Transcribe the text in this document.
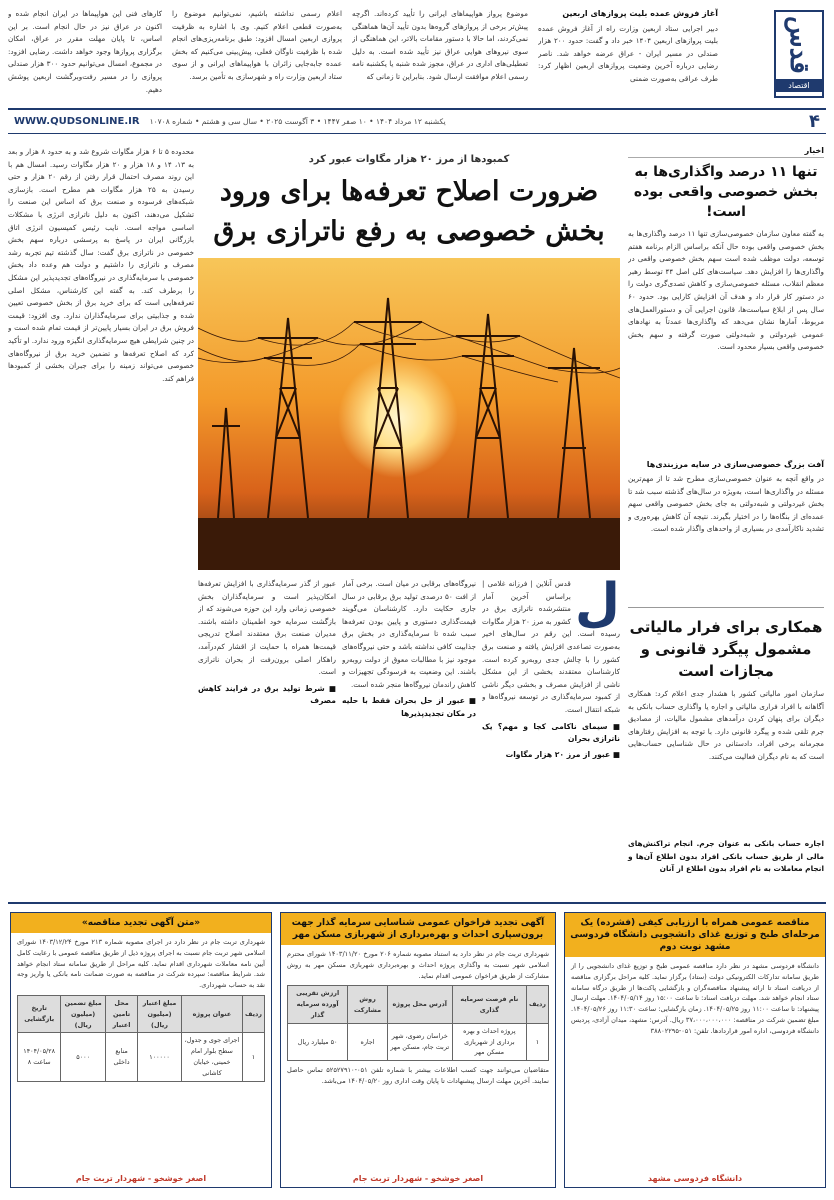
قدس
اقتصاد
آغاز فروش عمده بلیت پروازهای اربعین
دبیر اجرایی ستاد اربعین وزارت راه از آغاز فروش عمده بلیت پروازهای اربعین ۱۴۰۴ خبر داد و گفت: حدود ۲۰۰ هزار صندلی در مسیر ایران - عراق عرضه خواهد شد. ناصر رضایی درباره آخرین وضعیت پروازهای اربعین اظهار کرد: طرف عراقی به‌صورت ضمنی
موضوع پرواز هواپیماهای ایرانی را تأیید کرده‌اند. اگرچه پیش‌تر برخی از پروازهای گروه‌ها بدون تأیید آن‌ها هماهنگی نمی‌کردند، اما حالا با دستور مقامات بالاتر، این هماهنگی از سوی نیروهای هوایی عراق نیز تأیید شده است. به دلیل تعطیلی‌های اداری در عراق، مجوز شده شنبه یا یکشنبه نامه رسمی اعلام موافقت ارسال شود. بنابراین تا زمانی که
اعلام رسمی نداشته باشیم، نمی‌توانیم موضوع را به‌صورت قطعی اعلام کنیم. وی با اشاره به ظرفیت پروازی اربعین امسال افزود: طبق برنامه‌ریزی‌های انجام شده با ظرفیت ناوگان فعلی، پیش‌بینی می‌کنیم که بخش عمده جابه‌جایی زائران با هواپیماهای ایرانی و از سوی ستاد اربعین وزارت راه و شهرسازی به تأمین برسد.
کارهای فنی این هواپیماها در ایران انجام شده و اکنون در عراق نیز در حال انجام است. بر این اساس، تا پایان مهلت مقرر در عراق، امکان برگزاری پروازها وجود خواهد داشت. رضایی افزود: در مجموع، امسال می‌توانیم حدود ۳۰۰ هزار صندلی پروازی را در مسیر رفت‌وبرگشت اربعین پوشش دهیم.
۴
یکشنبه ۱۲ مرداد ۱۴۰۴ • ۱۰ صفر ۱۴۴۷ • ۳ آگوست ۲۰۲۵ • سال سی و هشتم • شماره ۱۰۷۰۸
WWW.QUDSONLINE.IR
اخبار
تنها ۱۱ درصد واگذاری‌ها به بخش خصوصی واقعی بوده است!
به گفته معاون سازمان خصوصی‌سازی تنها ۱۱ درصد واگذاری‌ها به بخش خصوصی واقعی بوده حال آنکه براساس الزام برنامه هفتم توسعه، دولت موظف شده است سهم بخش خصوصی واقعی در واگذاری‌ها را افزایش دهد. سیاست‌های کلی اصل ۴۴ توسط رهبر معظم انقلاب، مسئله خصوصی‌سازی و کاهش تصدی‌گری دولت را در دستور کار قرار داد و هدف آن افزایش کارایی بود. حدود ۶۰ سال پس از ابلاغ سیاست‌ها، قانون اجرایی آن و دستورالعمل‌های مربوط، آمارها نشان می‌دهد که واگذاری‌ها عمدتاً به نهادهای عمومی غیردولتی و شبه‌دولتی صورت گرفته و سهم بخش خصوصی واقعی بسیار محدود است.
آفت بزرگ خصوصی‌سازی در سایه مرزبندی‌ها
در واقع آنچه به عنوان خصوصی‌سازی مطرح شد تا از مهم‌ترین مسئله در واگذاری‌ها است، به‌ویژه در سال‌های گذشته سبب شد تا بخش غیردولتی و شبه‌دولتی به جای بخش خصوصی واقعی سهم عمده‌ای از بنگاه‌ها را در اختیار بگیرند. نتیجه آن کاهش بهره‌وری و تشدید ناکارآمدی در بسیاری از واحدهای واگذار شده است.
همکاری برای فرار مالیاتی مشمول پیگرد قانونی و مجازات است
سازمان امور مالیاتی کشور با هشدار جدی اعلام کرد: همکاری آگاهانه با افراد فراری مالیاتی و اجاره یا واگذاری حساب بانکی به دیگران برای پنهان کردن درآمدهای مشمول مالیات، از مصادیق جرم تلقی شده و پیگرد قانونی دارد. با توجه به افزایش رفتارهای مجرمانه برخی افراد، دادستانی در حال شناسایی حساب‌هایی است که به نام دیگران فعالیت می‌کنند.
اجاره حساب بانکی به عنوان جرم. انجام تراکنش‌های مالی از طریق حساب بانکی افراد بدون اطلاع آن‌ها و انجام معاملات به نام افراد بدون اطلاع از آنان
محدوده ۵ تا ۶ هزار مگاوات شروع شد و به حدود ۸ هزار و بعد به ۱۳، ۱۴ و ۱۸ هزار و ۲۰ هزار مگاوات رسید. امسال هم با این روند مصرف احتمال قرار رفتن از رقم ۲۰ هزار و حتی رسیدن به ۲۵ هزار مگاوات هم مطرح است. بازسازی شبکه‌های فرسوده و صنعت برق که اساس این صنعت را تشکیل می‌دهند، اکنون به دلیل ناترازی انرژی با مشکلات اساسی مواجه است. نایب رئیس کمیسیون انرژی اتاق بازرگانی ایران در پاسخ به پرسشی درباره سهم بخش خصوصی در ناترازی برق گفت: سال گذشته تیم تجربه رشد مصرف و ناترازی را داشتیم و دولت هم وعده داد بخش خصوصی با سرمایه‌گذاری در نیروگاه‌های تجدیدپذیر این مشکل را برطرف کند. به گفته این کارشناس، مشکل اصلی تعرفه‌هایی است که برای خرید برق از بخش خصوصی تعیین شده و جذابیتی برای سرمایه‌گذاران ندارد. وی افزود: قیمت فروش برق در ایران بسیار پایین‌تر از قیمت تمام شده است و در چنین شرایطی هیچ سرمایه‌گذاری انگیزه ورود ندارد. او تأکید کرد که اصلاح تعرفه‌ها و تضمین خرید برق از نیروگاه‌های خصوصی می‌تواند زمینه را برای جبران بخشی از کمبودها فراهم کند.
کمبودها از مرز ۲۰ هزار مگاوات عبور کرد
ضرورت اصلاح تعرفه‌ها برای ورود بخش خصوصی به رفع ناترازی برق
ل
قدس آنلاین | فرزانه غلامی | براساس آخرین آمار منتشرشده ناترازی برق در کشور به مرز ۲۰ هزار مگاوات رسیده است. این رقم در سال‌های اخیر به‌صورت تصاعدی افزایش یافته و صنعت برق کشور را با چالش جدی روبه‌رو کرده است. کارشناسان معتقدند بخشی از این مشکل ناشی از افزایش مصرف و بخشی دیگر ناشی از کمبود سرمایه‌گذاری در توسعه نیروگاه‌ها و شبکه انتقال است.
■ سیمای ناکامی کجا و مهم؟ یک ناترازی بحران
■ عبور از مرز ۲۰ هزار مگاوات
نیروگاه‌های برقابی در میان است. برخی آمار از افت ۵۰ درصدی تولید برق برقابی در سال جاری حکایت دارد. کارشناسان می‌گویند قیمت‌گذاری دستوری و پایین بودن تعرفه‌ها سبب شده تا سرمایه‌گذاری در بخش برق جذابیت کافی نداشته باشد و حتی نیروگاه‌های موجود نیز با مطالبات معوق از دولت روبه‌رو باشند. این وضعیت به فرسودگی تجهیزات و کاهش راندمان نیروگاه‌ها منجر شده است.
■ عبور از حل بحران فقط با حلیه در مکان تجدیدپذیرها
عبور از گذر سرمایه‌گذاری با افزایش تعرفه‌ها امکان‌پذیر است و سرمایه‌گذاران بخش خصوصی زمانی وارد این حوزه می‌شوند که از بازگشت سرمایه خود اطمینان داشته باشند. مدیران صنعت برق معتقدند اصلاح تدریجی قیمت‌ها همراه با حمایت از اقشار کم‌درآمد، راهکار اصلی برون‌رفت از بحران ناترازی است.
■ شرط تولید برق در فرایند کاهش مصرف
مناقصه عمومی همراه با ارزیابی کیفی (فشرده) یک مرحله‌ای طبخ و توزیع غذای دانشجویی دانشگاه فردوسی مشهد نوبت دوم
دانشگاه فردوسی مشهد در نظر دارد مناقصه عمومی طبخ و توزیع غذای دانشجویی را از طریق سامانه تدارکات الکترونیکی دولت (ستاد) برگزار نماید. کلیه مراحل برگزاری مناقصه از دریافت اسناد تا ارائه پیشنهاد مناقصه‌گران و بازگشایی پاکت‌ها از طریق درگاه سامانه ستاد انجام خواهد شد. مهلت دریافت اسناد: تا ساعت ۱۵:۰۰ روز ۱۴۰۴/۰۵/۱۴. مهلت ارسال پیشنهاد: تا ساعت ۱۱:۰۰ روز ۱۴۰۴/۰۵/۲۵. زمان بازگشایی: ساعت ۱۱:۳۰ روز ۱۴۰۴/۰۵/۲۶. مبلغ تضمین شرکت در مناقصه: ۳۷،۰۰۰،۰۰۰،۰۰۰ ریال. آدرس: مشهد، میدان آزادی، پردیس دانشگاه فردوسی، اداره امور قراردادها. تلفن: ۰۵۱-۳۸۸۰۲۲۹۵
دانشگاه فردوسی مشهد
آگهی تجدید فراخوان عمومی شناسایی سرمایه گذار جهت برون‌سپاری احداث و بهره‌برداری از شهربازی مسکن مهر
شهرداری تربت جام در نظر دارد به استناد مصوبه شماره ۲۰۶ مورخ ۱۴۰۳/۱۱/۲۰ شورای محترم اسلامی شهر نسبت به واگذاری پروژه احداث و بهره‌برداری شهربازی مسکن مهر به روش مشارکت از طریق فراخوان عمومی اقدام نماید.
ردیف	نام فرصت سرمایه گذاری	آدرس محل پروژه	روش مشارکت	ارزش تقریبی آورده سرمایه گذار
۱	پروژه احداث و بهره برداری از شهربازی مسکن مهر	خراسان رضوی، شهر تربت جام، مسکن مهر	اجاره	۵۰ میلیارد ریال
متقاضیان می‌توانند جهت کسب اطلاعات بیشتر با شماره تلفن ۰۵۱-۵۲۵۲۷۹۱۰ تماس حاصل نمایند. آخرین مهلت ارسال پیشنهادات تا پایان وقت اداری روز ۱۴۰۴/۰۵/۲۰ می‌باشد.
اصغر خوشخو - شهردار تربت جام
«متن آگهی تجدید مناقصه»
شهرداری تربت جام در نظر دارد در اجرای مصوبه شماره ۲۱۳ مورخ ۱۴۰۳/۱۲/۲۴ شورای اسلامی شهر تربت جام نسبت به اجرای پروژه ذیل از طریق مناقصه عمومی با رعایت کامل آیین نامه معاملات شهرداری اقدام نماید. کلیه مراحل از طریق سامانه ستاد انجام خواهد شد. شرایط مناقصه: سپرده شرکت در مناقصه به صورت ضمانت نامه بانکی یا واریز وجه نقد به حساب شهرداری.
ردیف	عنوان پروژه	مبلغ اعتبار (میلیون ریال)	محل تامین اعتبار	مبلغ تضمین (میلیون ریال)	تاریخ بازگشایی
۱	اجرای جوی و جدول، سطح بلوار امام خمینی، خیابان کاشانی	۱۰۰۰۰۰	منابع داخلی	۵۰۰۰	۱۴۰۴/۰۵/۲۸ ساعت ۸
اصغر خوشخو - شهردار تربت جام
